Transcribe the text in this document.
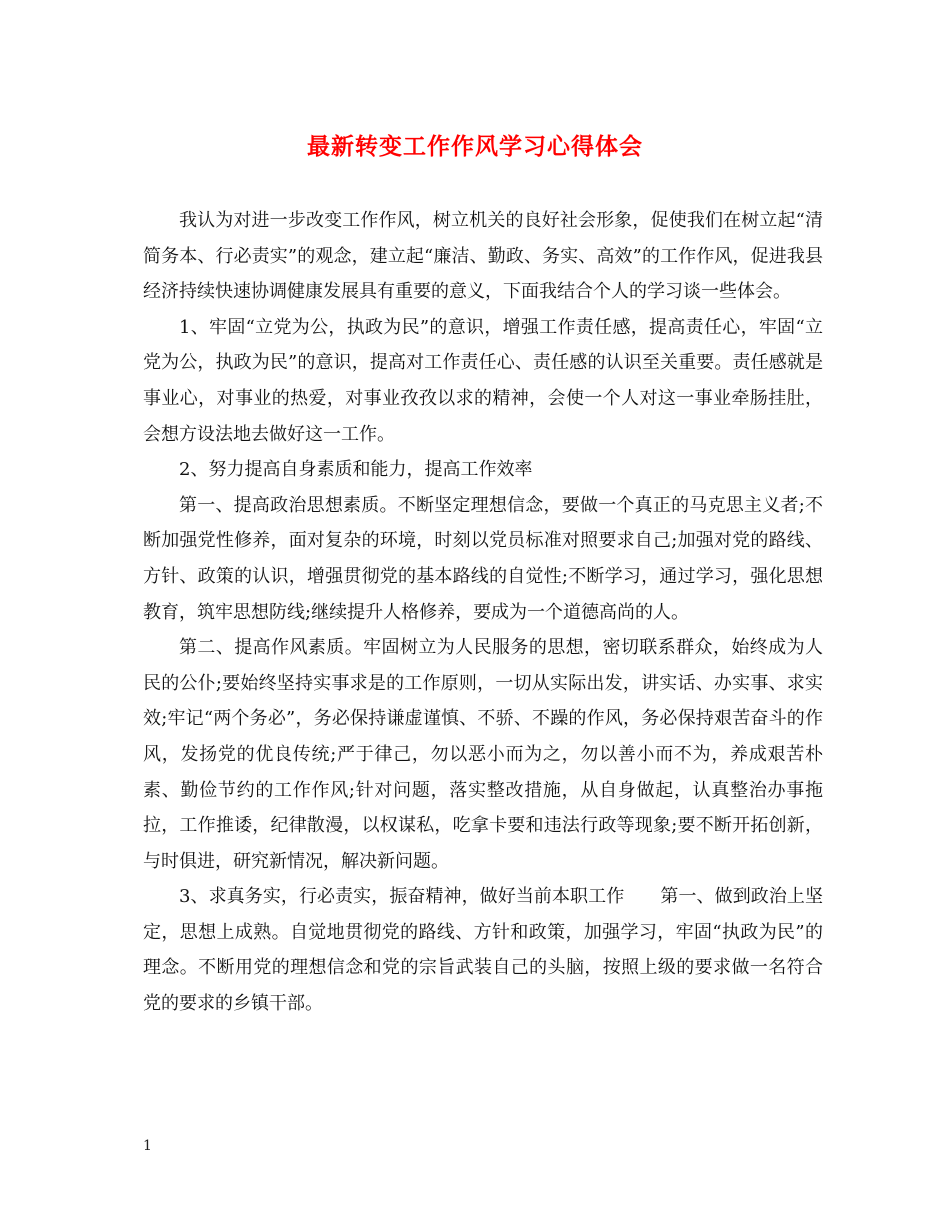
最新转变工作作风学习心得体会

我认为对进一步改变工作作风，树立机关的良好社会形象，促使我们在树立起“清简务本、行必责实”的观念，建立起“廉洁、勤政、务实、高效”的工作作风，促进我县经济持续快速协调健康发展具有重要的意义，下面我结合个人的学习谈一些体会。

1、牢固“立党为公，执政为民”的意识，增强工作责任感，提高责任心，牢固“立党为公，执政为民”的意识，提高对工作责任心、责任感的认识至关重要。责任感就是事业心，对事业的热爱，对事业孜孜以求的精神，会使一个人对这一事业牵肠挂肚，会想方设法地去做好这一工作。

2、努力提高自身素质和能力，提高工作效率

第一、提高政治思想素质。不断坚定理想信念，要做一个真正的马克思主义者;不断加强党性修养，面对复杂的环境，时刻以党员标准对照要求自己;加强对党的路线、方针、政策的认识，增强贯彻党的基本路线的自觉性;不断学习，通过学习，强化思想教育，筑牢思想防线;继续提升人格修养，要成为一个道德高尚的人。

第二、提高作风素质。牢固树立为人民服务的思想，密切联系群众，始终成为人民的公仆;要始终坚持实事求是的工作原则，一切从实际出发，讲实话、办实事、求实效;牢记“两个务必”，务必保持谦虚谨慎、不骄、不躁的作风，务必保持艰苦奋斗的作风，发扬党的优良传统;严于律己，勿以恶小而为之，勿以善小而不为，养成艰苦朴素、勤俭节约的工作作风;针对问题，落实整改措施，从自身做起，认真整治办事拖拉，工作推诿，纪律散漫，以权谋私，吃拿卡要和违法行政等现象;要不断开拓创新，与时俱进，研究新情况，解决新问题。

3、求真务实，行必责实，振奋精神，做好当前本职工作　　第一、做到政治上坚定，思想上成熟。自觉地贯彻党的路线、方针和政策，加强学习，牢固“执政为民”的理念。不断用党的理想信念和党的宗旨武装自己的头脑，按照上级的要求做一名符合党的要求的乡镇干部。

1
